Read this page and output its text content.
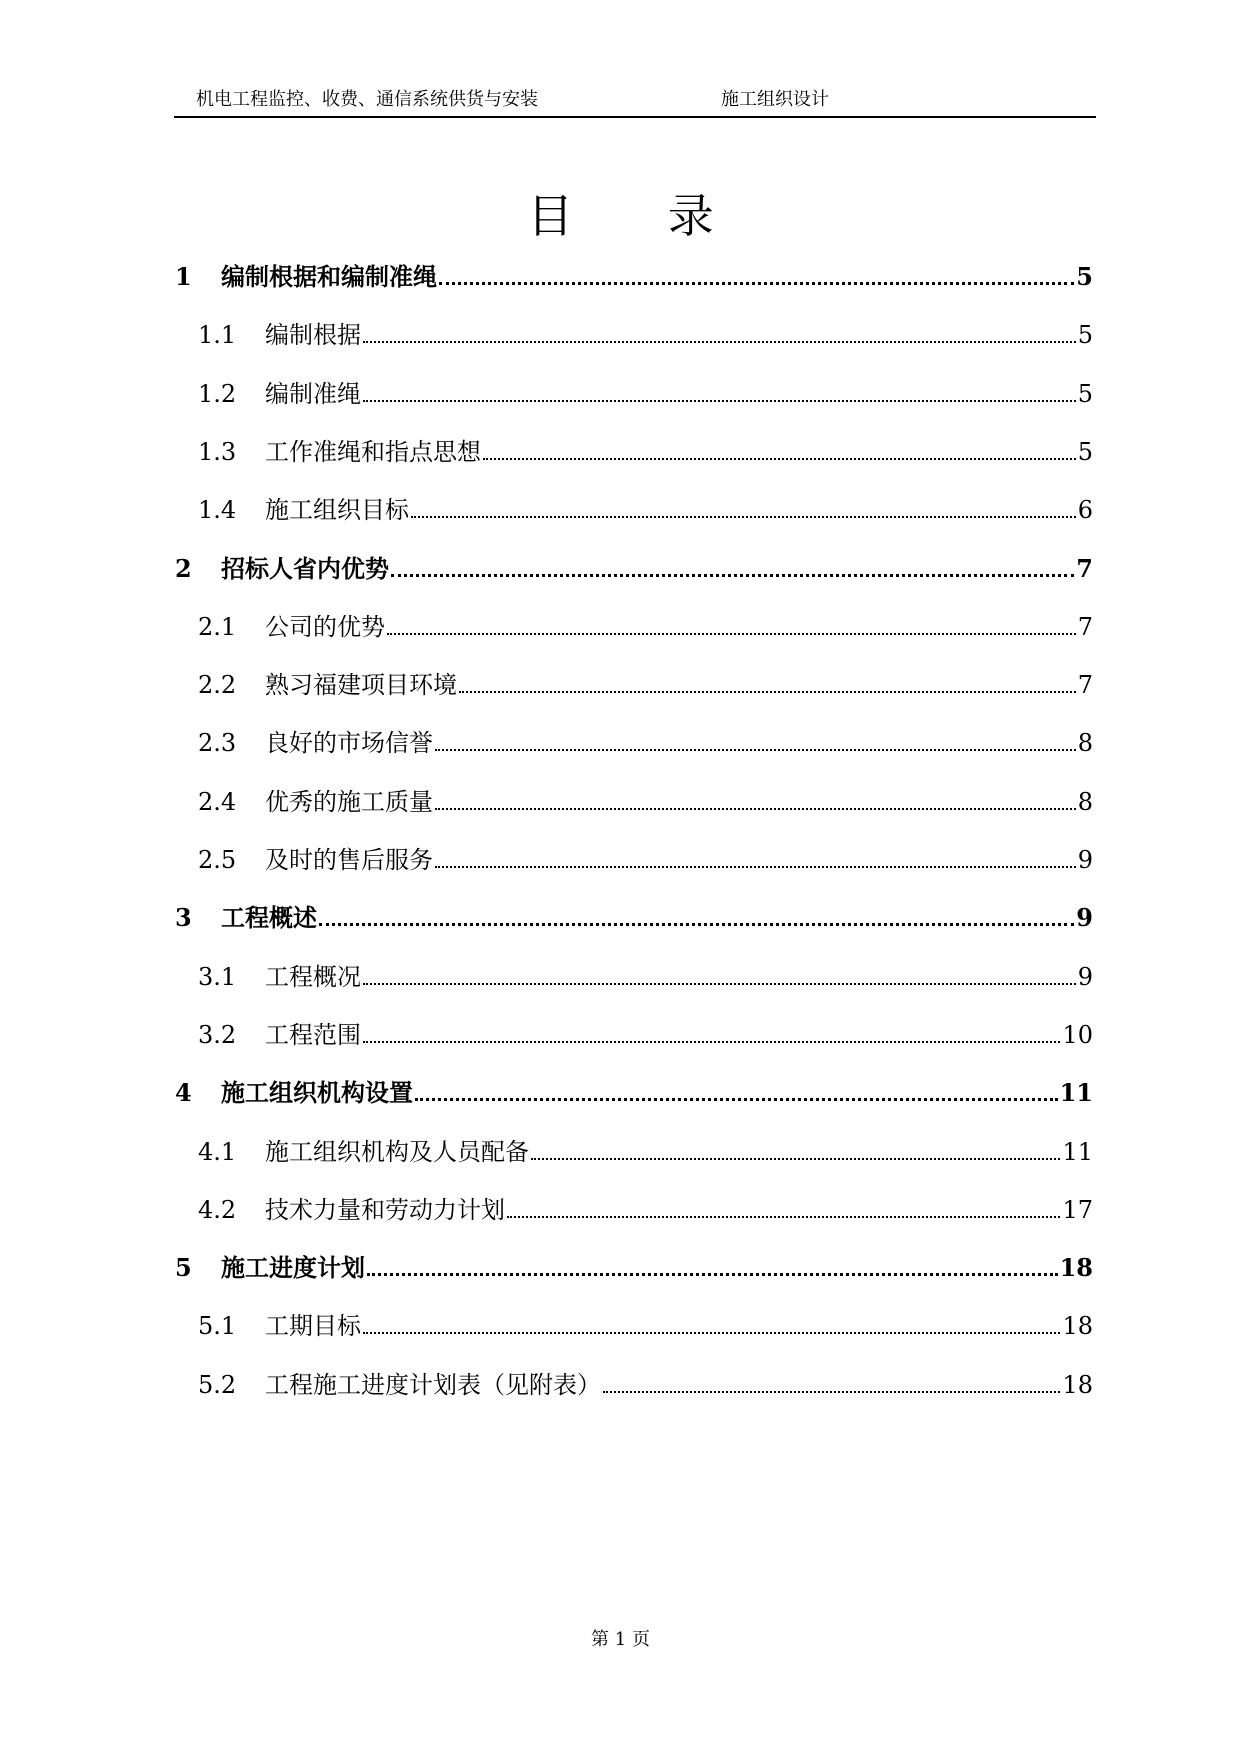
机电工程监控、收费、通信系统供货与安装	施工组织设计
目 录
1	编制根据和编制准绳	5
1.1	编制根据	5
1.2	编制准绳	5
1.3	工作准绳和指点思想	5
1.4	施工组织目标	6
2	招标人省内优势	7
2.1	公司的优势	7
2.2	熟习福建项目环境	7
2.3	良好的市场信誉	8
2.4	优秀的施工质量	8
2.5	及时的售后服务	9
3	工程概述	9
3.1	工程概况	9
3.2	工程范围	10
4	施工组织机构设置	11
4.1	施工组织机构及人员配备	11
4.2	技术力量和劳动力计划	17
5	施工进度计划	18
5.1	工期目标	18
5.2	工程施工进度计划表（见附表）	18
第 1 页
